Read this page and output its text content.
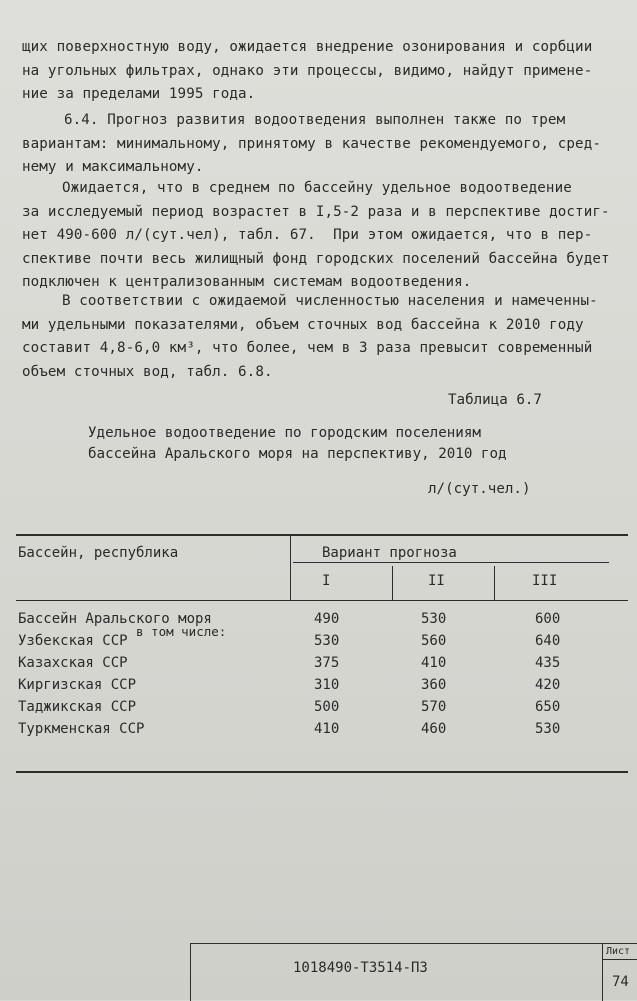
щих поверхностную воду, ожидается внедрение озонирования и сорбции
на угольных фильтрах, однако эти процессы, видимо, найдут примене-
ние за пределами 1995 года.
6.4. Прогноз развития водоотведения выполнен также по трем
вариантам: минимальному, принятому в качестве рекомендуемого, сред-
нему и максимальному.
Ожидается, что в среднем по бассейну удельное водоотведение
за исследуемый период возрастет в I,5-2 раза и в перспективе достиг-
нет 490-600 л/(сут.чел), табл. 67.  При этом ожидается, что в пер-
спективе почти весь жилищный фонд городских поселений бассейна будет
подключен к централизованным системам водоотведения.
В соответствии с ожидаемой численностью населения и намеченны-
ми удельными показателями, объем сточных вод бассейна к 2010 году
составит 4,8-6,0 км³, что более, чем в 3 раза превысит современный
объем сточных вод, табл. 6.8.
Таблица 6.7
Удельное водоотведение по городским поселениям
бассейна Аральского моря на перспективу, 2010 год
л/(сут.чел.)
Бассейн, республика	Вариант прогноза
I	II	III
в том числе:
Бассейн Аральского моря	490	530	600
Узбекская ССР	530	560	640
Казахская ССР	375	410	435
Киргизская ССР	310	360	420
Таджикская ССР	500	570	650
Туркменская ССР	410	460	530
1018490-Т3514-П3
Лист
74
